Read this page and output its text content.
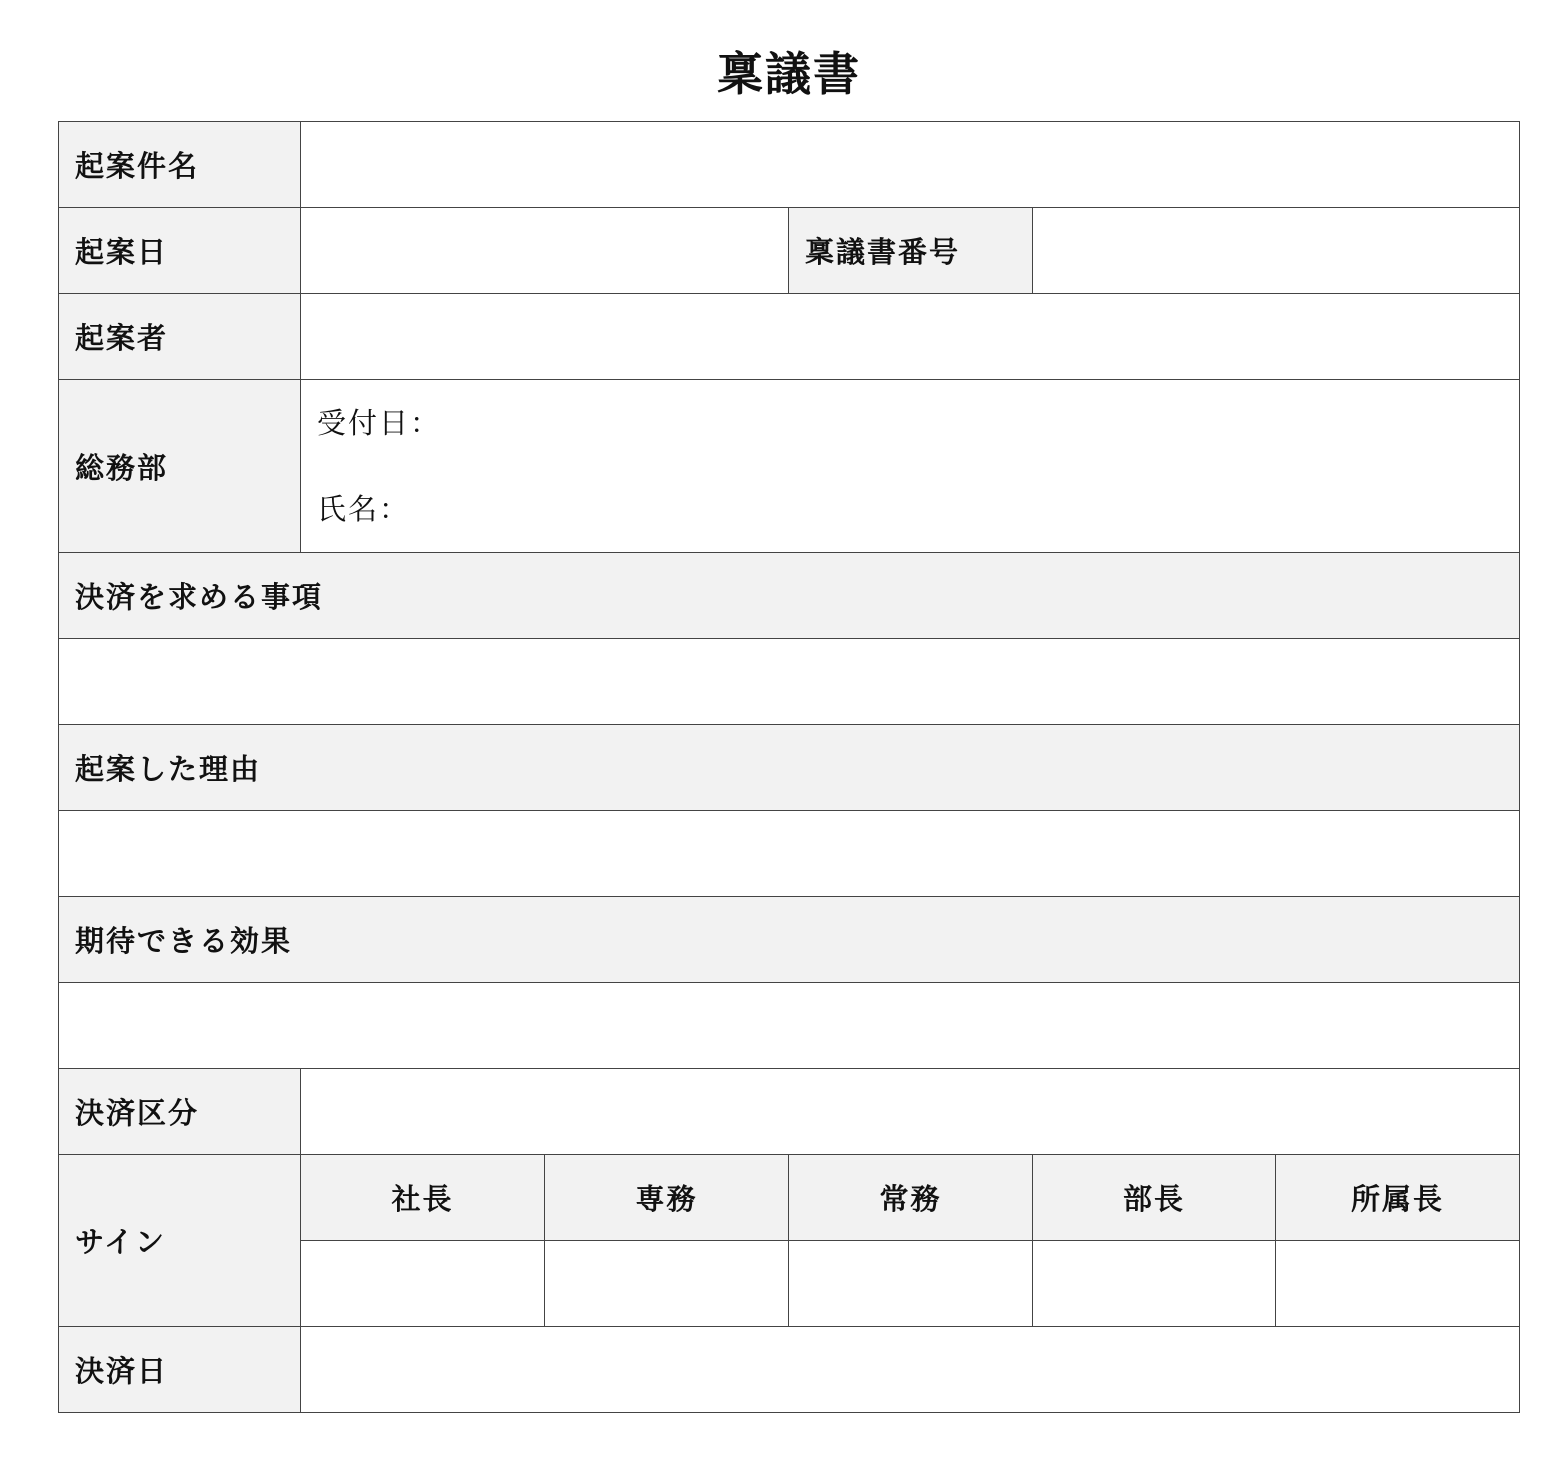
稟議書
起案件名					
起案日			稟議書番号		
起案者					
総務部	受付日：
氏名：				

決済を求める事項					

起案した理由					

期待できる効果					

決済区分					
サイン	社長	専務	常務	部長	所属長

決済日					
